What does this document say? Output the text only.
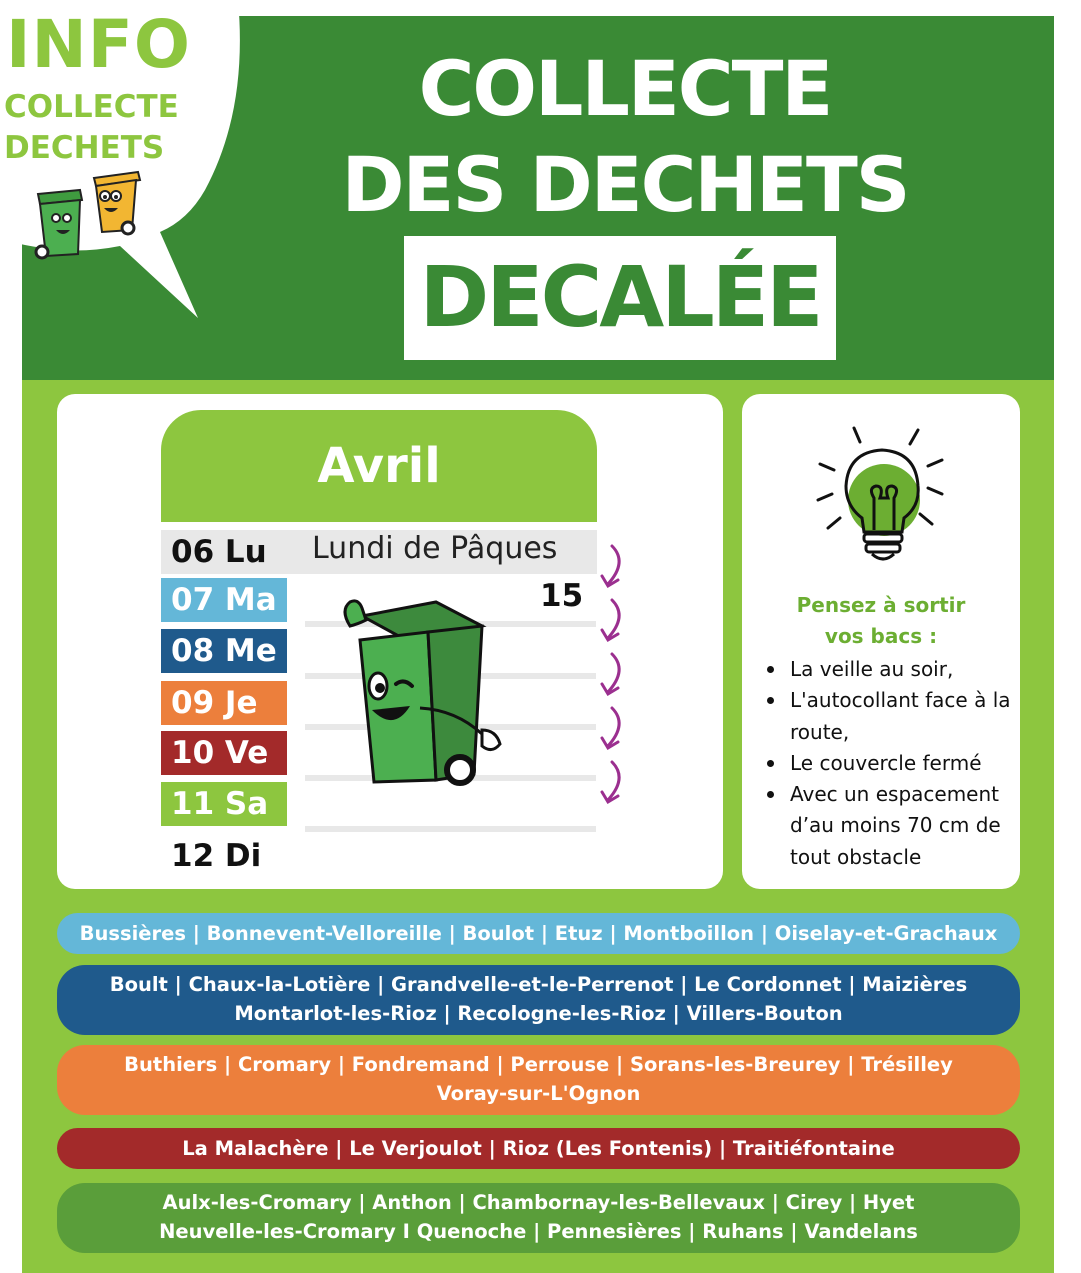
INFO
COLLECTE
DECHETS
COLLECTE
DES DECHETS
DECALÉE
Avril
06 Lu	Lundi de Pâques
07 Ma	15
08 Me
09 Je
10 Ve
11 Sa
12 Di
Pensez à sortir
vos bacs :
La veille au soir,
L'autocollant face à la route,
Le couvercle fermé
Avec un espacement d’au moins 70 cm de tout obstacle
Bussières | Bonnevent-Velloreille | Boulot | Etuz | Montboillon | Oiselay-et-Grachaux
Boult | Chaux-la-Lotière | Grandvelle-et-le-Perrenot | Le Cordonnet | Maizières
Montarlot-les-Rioz | Recologne-les-Rioz | Villers-Bouton
Buthiers | Cromary | Fondremand | Perrouse | Sorans-les-Breurey | Trésilley
Voray-sur-L'Ognon
La Malachère | Le Verjoulot | Rioz (Les Fontenis) | Traitiéfontaine
Aulx-les-Cromary | Anthon | Chambornay-les-Bellevaux | Cirey | Hyet
Neuvelle-les-Cromary I Quenoche | Pennesières | Ruhans | Vandelans
